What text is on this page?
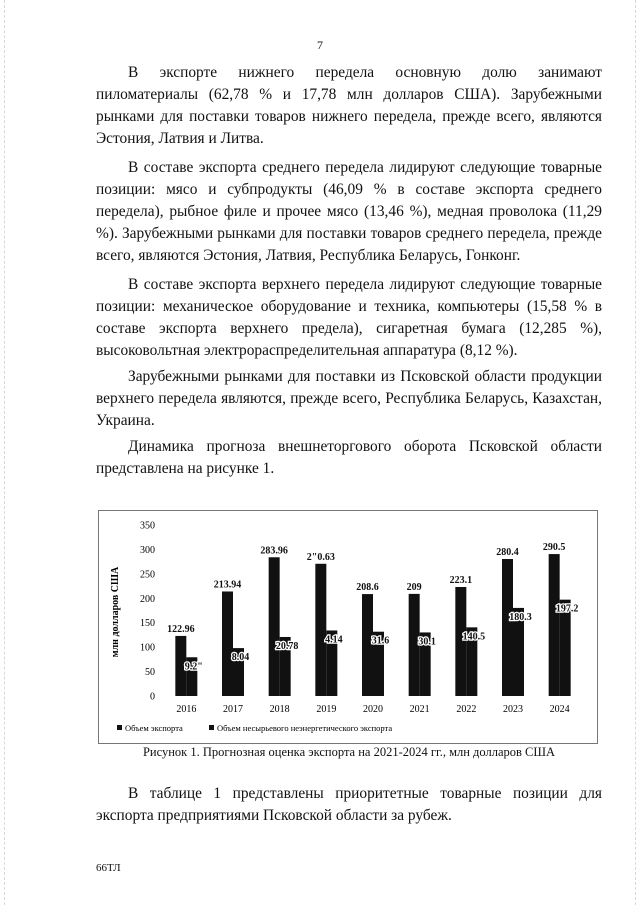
7

В экспорте нижнего передела основную долю занимают пиломатериалы (62,78 % и 17,78 млн долларов США). Зарубежными рынками для поставки товаров нижнего передела, прежде всего, являются Эстония, Латвия и Литва.

В составе экспорта среднего передела лидируют следующие товарные позиции: мясо и субпродукты (46,09 % в составе экспорта среднего передела), рыбное филе и прочее мясо (13,46 %), медная проволока (11,29 %). Зарубежными рынками для поставки товаров среднего передела, прежде всего, являются Эстония, Латвия, Республика Беларусь, Гонконг.

В составе экспорта верхнего передела лидируют следующие товарные позиции: механическое оборудование и техника, компьютеры (15,58 % в составе экспорта верхнего предела), сигаретная бумага (12,285 %), высоковольтная электрораспределительная аппаратура (8,12 %).

Зарубежными рынками для поставки из Псковской области продукции верхнего передела являются, прежде всего, Республика Беларусь, Казахстан, Украина.

Динамика прогноза внешнеторгового оборота Псковской области представлена на рисунке 1.

млн долларов США
0
50
100
150
200
250
300
350
122.96
9.2"
213.94
8.04
283.96
20.78
2"0.63
4.14
208.6
31.6
209
30.1
223.1
140.5
280.4
180.3
290.5
197.2
2016	2017	2018	2019	2020	2021	2022	2023	2024
Объем экспорта	Объем несырьевого неэнергетического экспорта
Рисунок 1. Прогнозная оценка экспорта на 2021-2024 гг., млн долларов США

В таблице 1 представлены приоритетные товарные позиции для экспорта предприятиями Псковской области за рубеж.

66ТЛ
